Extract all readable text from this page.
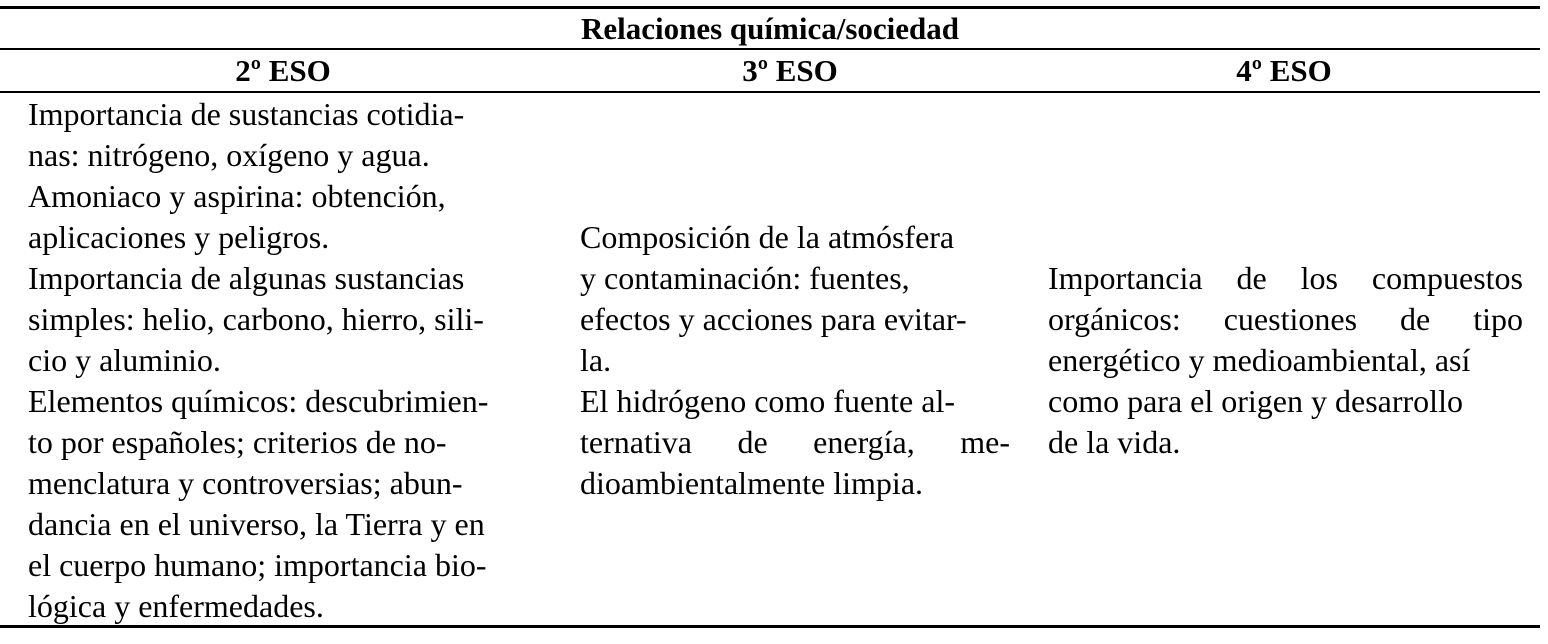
Relaciones química/sociedad
2º ESO	3º ESO	4º ESO
Importancia de sustancias cotidia-
nas: nitrógeno, oxígeno y agua.
Amoniaco y aspirina: obtención,
aplicaciones y peligros.
Importancia de algunas sustancias
simples: helio, carbono, hierro, sili-
cio y aluminio.
Elementos químicos: descubrimien-
to por españoles; criterios de no-
menclatura y controversias; abun-
dancia en el universo, la Tierra y en
el cuerpo humano; importancia bio-
lógica y enfermedades.
Composición de la atmósfera
y contaminación: fuentes,
efectos y acciones para evitar-
la.
El hidrógeno como fuente al-
ternativa de energía, me-
dioambientalmente limpia.
Importancia de los compuestos
orgánicos: cuestiones de tipo
energético y medioambiental, así
como para el origen y desarrollo
de la vida.
